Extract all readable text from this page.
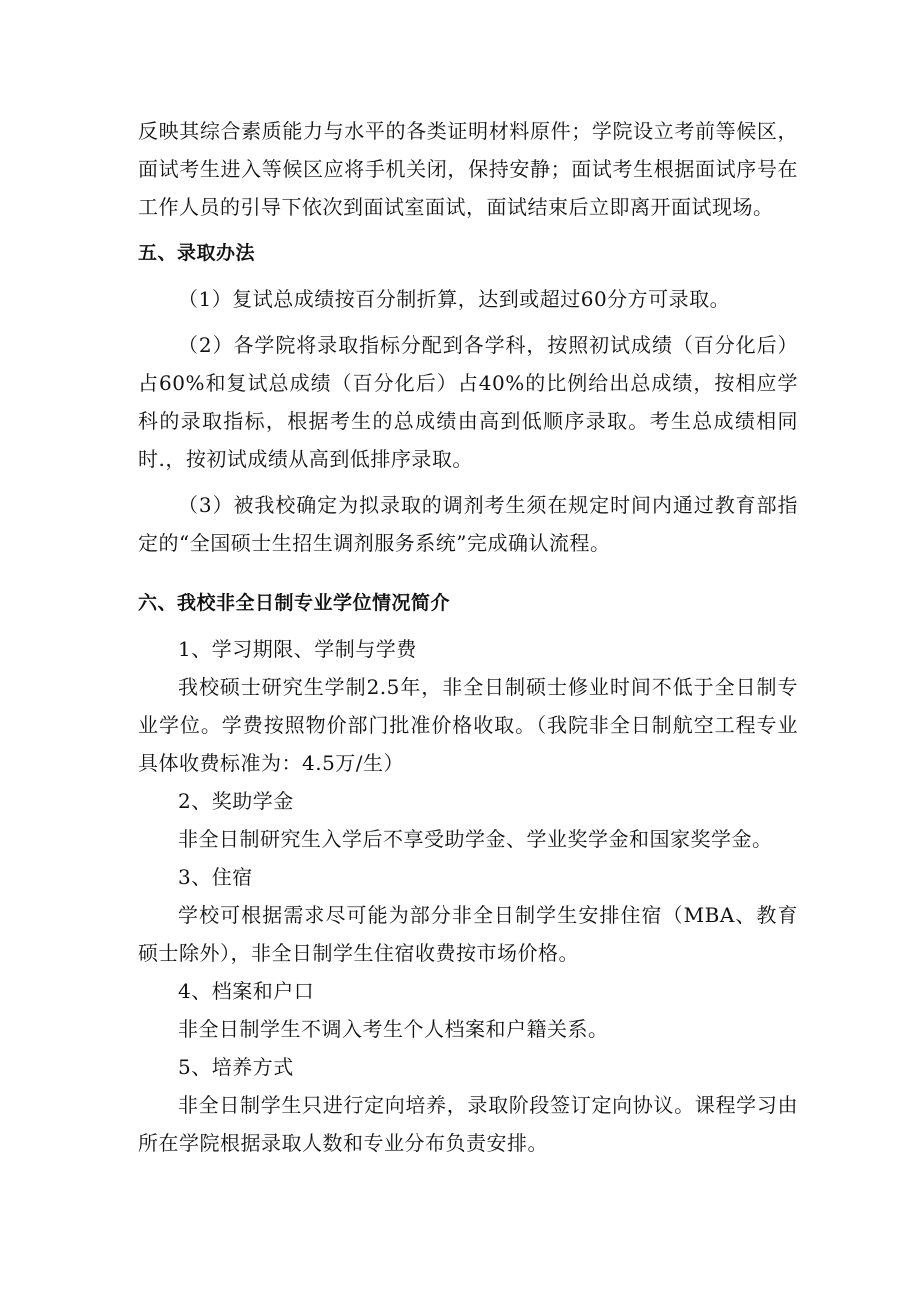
反映其综合素质能力与水平的各类证明材料原件；学院设立考前等候区，面试考生进入等候区应将手机关闭，保持安静；面试考生根据面试序号在工作人员的引导下依次到面试室面试，面试结束后立即离开面试现场。

五、录取办法

（1）复试总成绩按百分制折算，达到或超过60分方可录取。

（2）各学院将录取指标分配到各学科，按照初试成绩（百分化后）占60%和复试总成绩（百分化后）占40%的比例给出总成绩，按相应学科的录取指标，根据考生的总成绩由高到低顺序录取。考生总成绩相同时.，按初试成绩从高到低排序录取。

（3）被我校确定为拟录取的调剂考生须在规定时间内通过教育部指定的“全国硕士生招生调剂服务系统”完成确认流程。

六、我校非全日制专业学位情况简介

1、学习期限、学制与学费

我校硕士研究生学制2.5年，非全日制硕士修业时间不低于全日制专业学位。学费按照物价部门批准价格收取。（我院非全日制航空工程专业具体收费标准为：4.5万/生）

2、奖助学金

非全日制研究生入学后不享受助学金、学业奖学金和国家奖学金。

3、住宿

学校可根据需求尽可能为部分非全日制学生安排住宿（MBA、教育硕士除外），非全日制学生住宿收费按市场价格。

4、档案和户口

非全日制学生不调入考生个人档案和户籍关系。

5、培养方式

非全日制学生只进行定向培养，录取阶段签订定向协议。课程学习由所在学院根据录取人数和专业分布负责安排。
